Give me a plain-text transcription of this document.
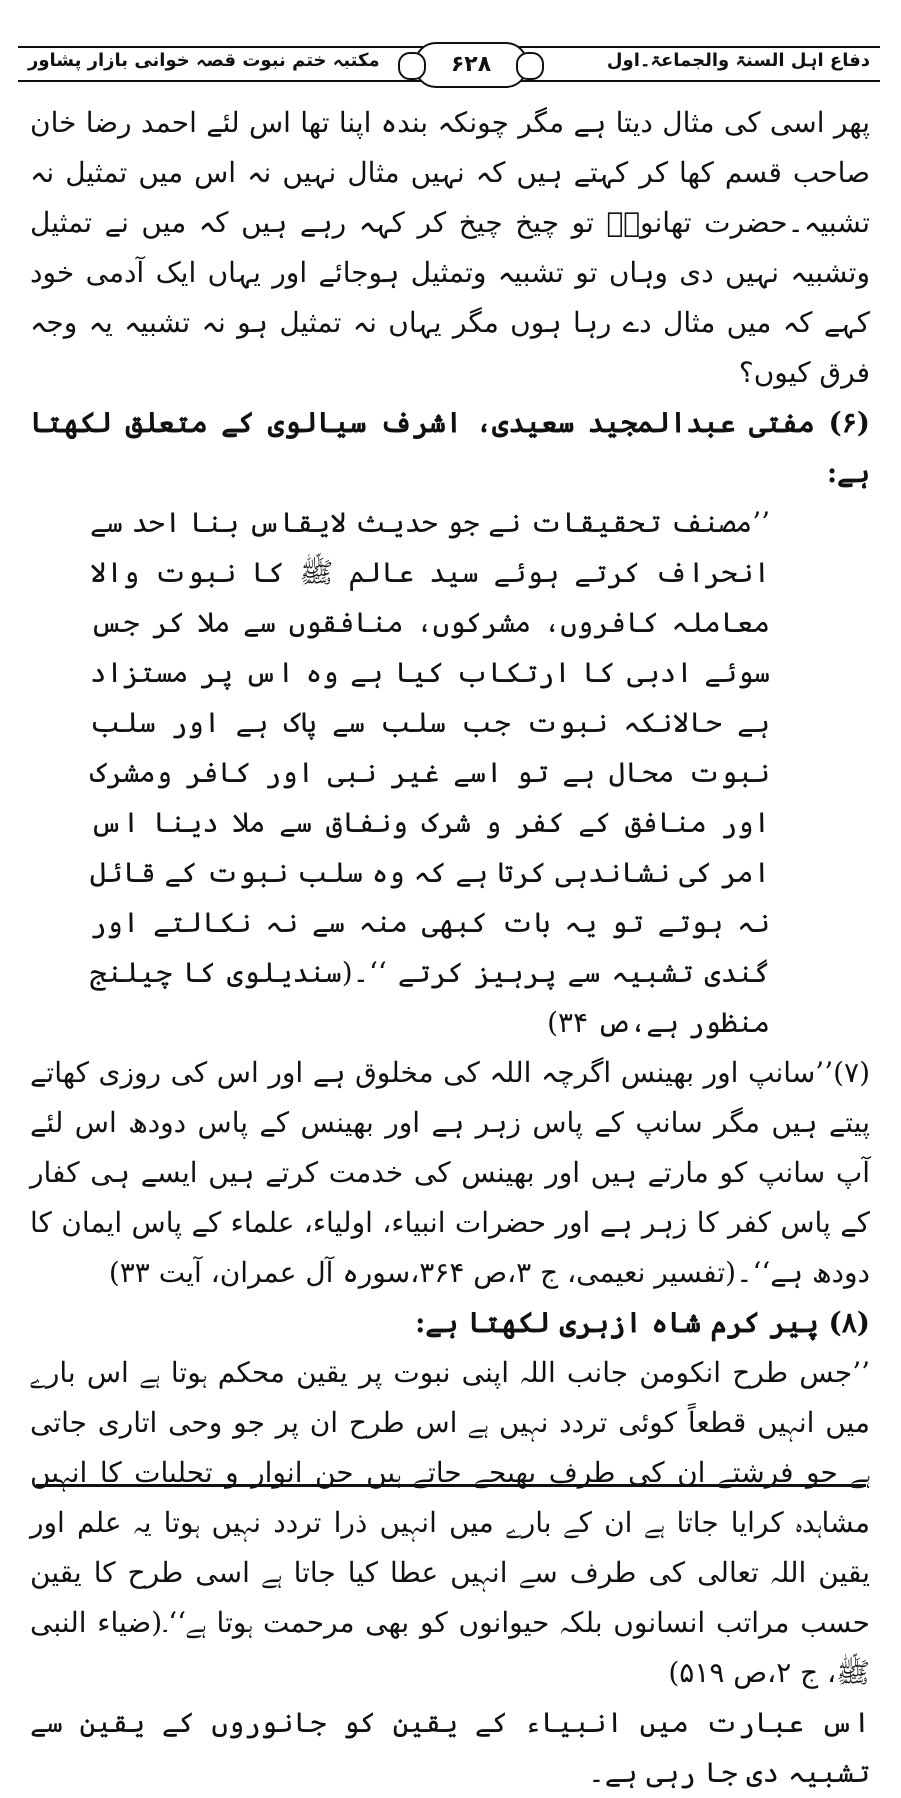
مکتبہ ختم نبوت قصہ خوانی بازار پشاور	دفاع اہل السنۃ والجماعۃ۔اول
۶۲۸

پھر اسی کی مثال دیتا ہے مگر چونکہ بندہ اپنا تھا اس لئے احمد رضا خان صاحب قسم کھا کر کہتے ہیں کہ نہیں مثال نہیں نہ اس میں تمثیل نہ تشبیہ۔حضرت تھانویؒ تو چیخ چیخ کر کہہ رہے ہیں کہ میں نے تمثیل وتشبیہ نہیں دی وہاں تو تشبیہ وتمثیل ہوجائے اور یہاں ایک آدمی خود کہے کہ میں مثال دے رہا ہوں مگر یہاں نہ تمثیل ہو نہ تشبیہ یہ وجہ فرق کیوں؟

(۶) مفتی عبدالمجید سعیدی، اشرف سیالوی کے متعلق لکھتا ہے:

’’مصنف تحقیقات نے جو حدیث لایقاس بنا احد سے انحراف کرتے ہوئے سید عالم ﷺ کا نبوت والا معاملہ کافروں، مشرکوں، منافقوں سے ملا کر جس سوئے ادبی کا ارتکاب کیا ہے وہ اس پر مستزاد ہے حالانکہ نبوت جب سلب سے پاک ہے اور سلب نبوت محال ہے تو اسے غیر نبی اور کافر ومشرک اور منافق کے کفر و شرک ونفاق سے ملا دینا اس امر کی نشاندہی کرتا ہے کہ وہ سلب نبوت کے قائل نہ ہوتے تو یہ بات کبھی منہ سے نہ نکالتے اور گندی تشبیہ سے پرہیز کرتے ‘‘۔(سندیلوی کا چیلنج منظور ہے،ص ۳۴)

(۷)’’سانپ اور بھینس اگرچہ اللہ کی مخلوق ہے اور اس کی روزی کھاتے پیتے ہیں مگر سانپ کے پاس زہر ہے اور بھینس کے پاس دودھ اس لئے آپ سانپ کو مارتے ہیں اور بھینس کی خدمت کرتے ہیں ایسے ہی کفار کے پاس کفر کا زہر ہے اور حضرات انبیاء، اولیاء، علماء کے پاس ایمان کا دودھ ہے‘‘۔(تفسیر نعیمی، ج ۳،ص ۳۶۴،سورہ آل عمران، آیت ۳۳)

(۸) پیر کرم شاہ ازہری لکھتا ہے:

’’جس طرح انکومن جانب اللہ اپنی نبوت پر یقین محکم ہوتا ہے اس بارے میں انہیں قطعاً کوئی تردد نہیں ہے اس طرح ان پر جو وحی اتاری جاتی ہے جو فرشتے ان کی طرف بھیجے جاتے ہیں جن انوار و تجلیات کا انہیں مشاہدہ کرایا جاتا ہے ان کے بارے میں انہیں ذرا تردد نہیں ہوتا یہ علم اور یقین اللہ تعالی کی طرف سے انہیں عطا کیا جاتا ہے اسی طرح کا یقین حسب مراتب انسانوں بلکہ حیوانوں کو بھی مرحمت ہوتا ہے‘‘۔(ضیاء النبی ﷺ، ج ۲،ص ۵۱۹)

اس عبارت میں انبیاء کے یقین کو جانوروں کے یقین سے تشبیہ دی جا رہی ہے۔
